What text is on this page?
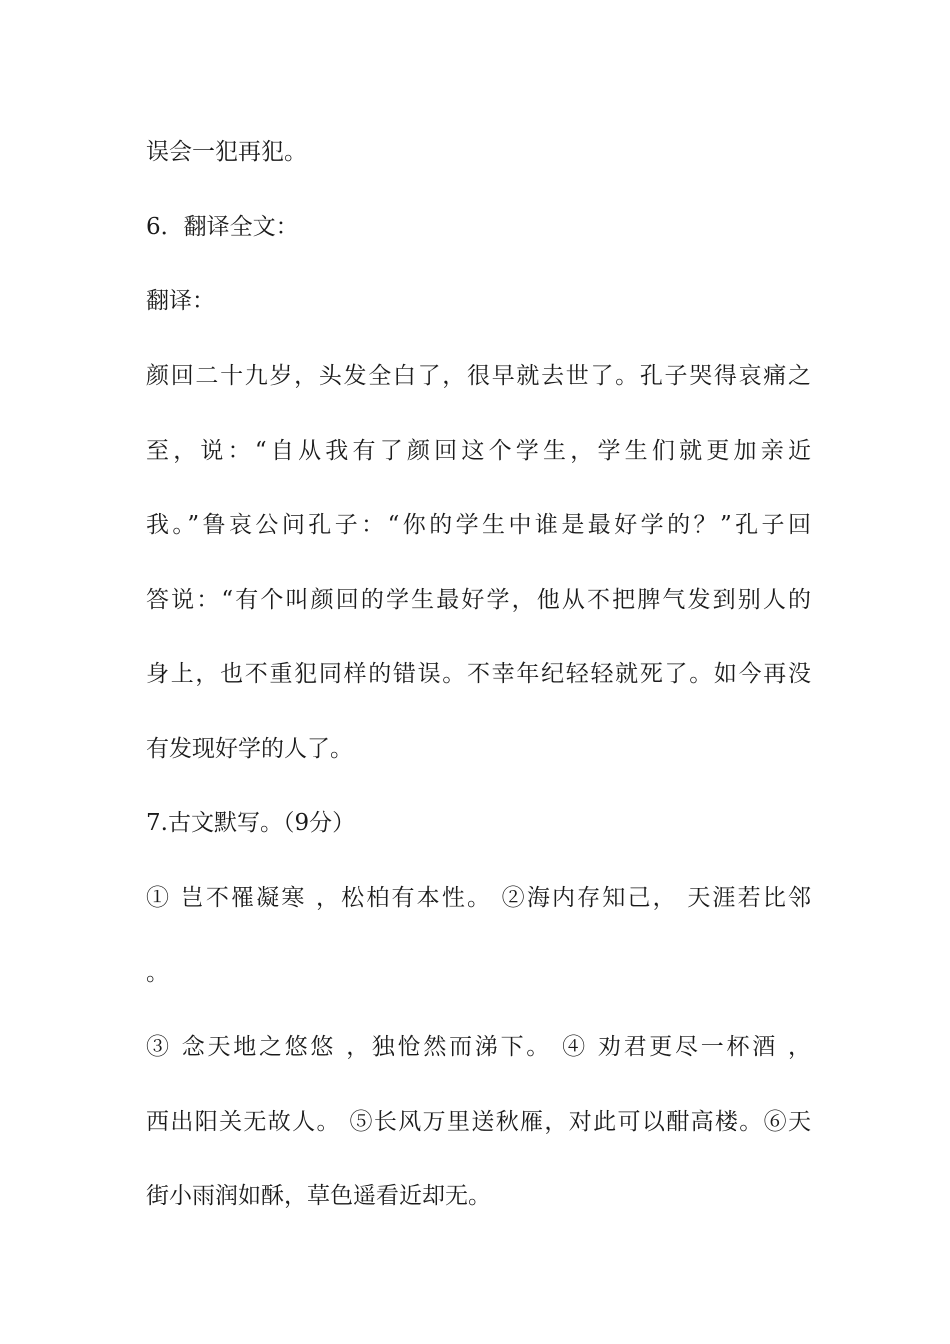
误会一犯再犯。
6．翻译全文：
翻译：
颜回二十九岁，头发全白了，很早就去世了。孔子哭得哀痛之
至，说：“自从我有了颜回这个学生，学生们就更加亲近
我。”鲁哀公问孔子：“你的学生中谁是最好学的？”孔子回
答说：“有个叫颜回的学生最好学，他从不把脾气发到别人的
身上，也不重犯同样的错误。不幸年纪轻轻就死了。如今再没
有发现好学的人了。
7.古文默写。（9分）
① 岂不罹凝寒 ，松柏有本性。 ②海内存知己， 天涯若比邻
。
③ 念天地之悠悠 ，独怆然而涕下。 ④ 劝君更尽一杯酒 ，
西出阳关无故人。 ⑤长风万里送秋雁，对此可以酣高楼。⑥天
街小雨润如酥，草色遥看近却无。
